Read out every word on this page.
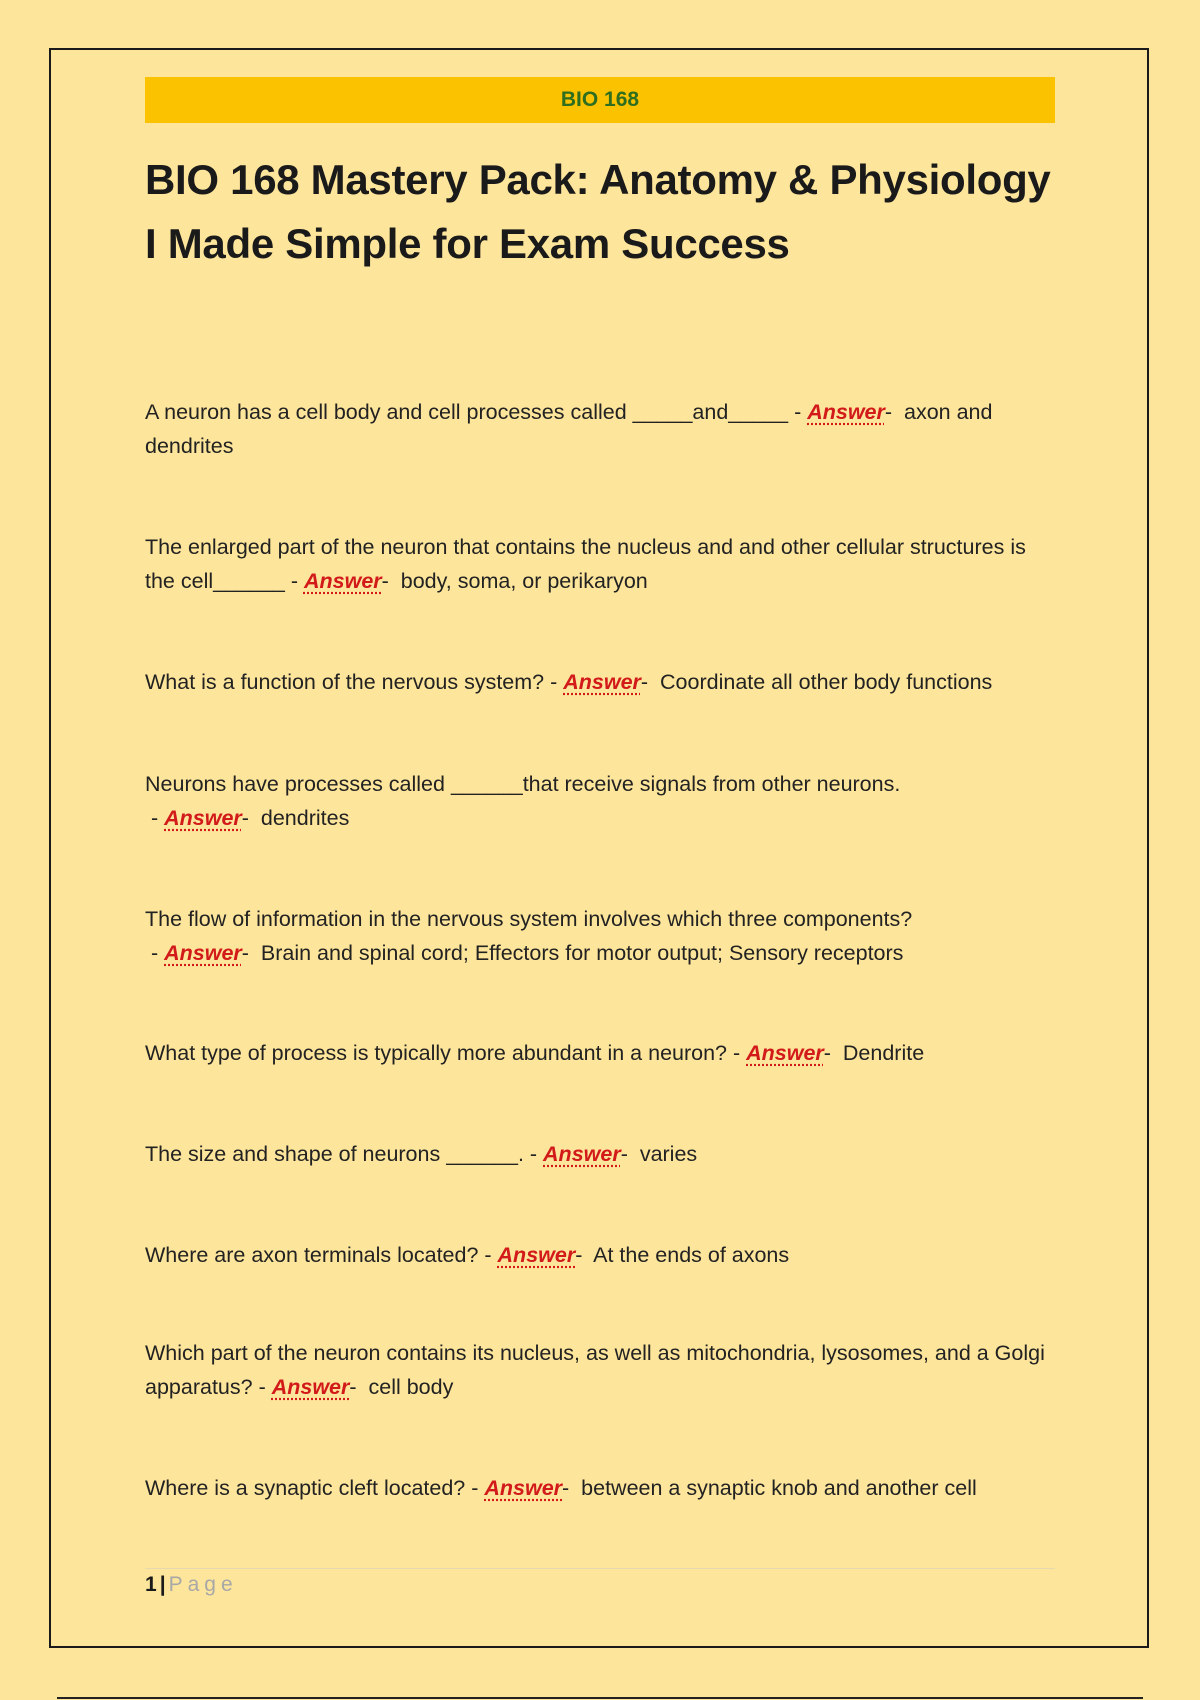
BIO 168
BIO 168 Mastery Pack: Anatomy & Physiology I Made Simple for Exam Success
A neuron has a cell body and cell processes called _____and_____ - Answer-  axon and dendrites
The enlarged part of the neuron that contains the nucleus and and other cellular structures is the cell______ - Answer-  body, soma, or perikaryon
What is a function of the nervous system? - Answer-  Coordinate all other body functions
Neurons have processes called ______that receive signals from other neurons. - Answer-  dendrites
The flow of information in the nervous system involves which three components? - Answer-  Brain and spinal cord; Effectors for motor output; Sensory receptors
What type of process is typically more abundant in a neuron? - Answer-  Dendrite
The size and shape of neurons ______. - Answer-  varies
Where are axon terminals located? - Answer-  At the ends of axons
Which part of the neuron contains its nucleus, as well as mitochondria, lysosomes, and a Golgi apparatus? - Answer-  cell body
Where is a synaptic cleft located? - Answer-  between a synaptic knob and another cell
1 | Page
